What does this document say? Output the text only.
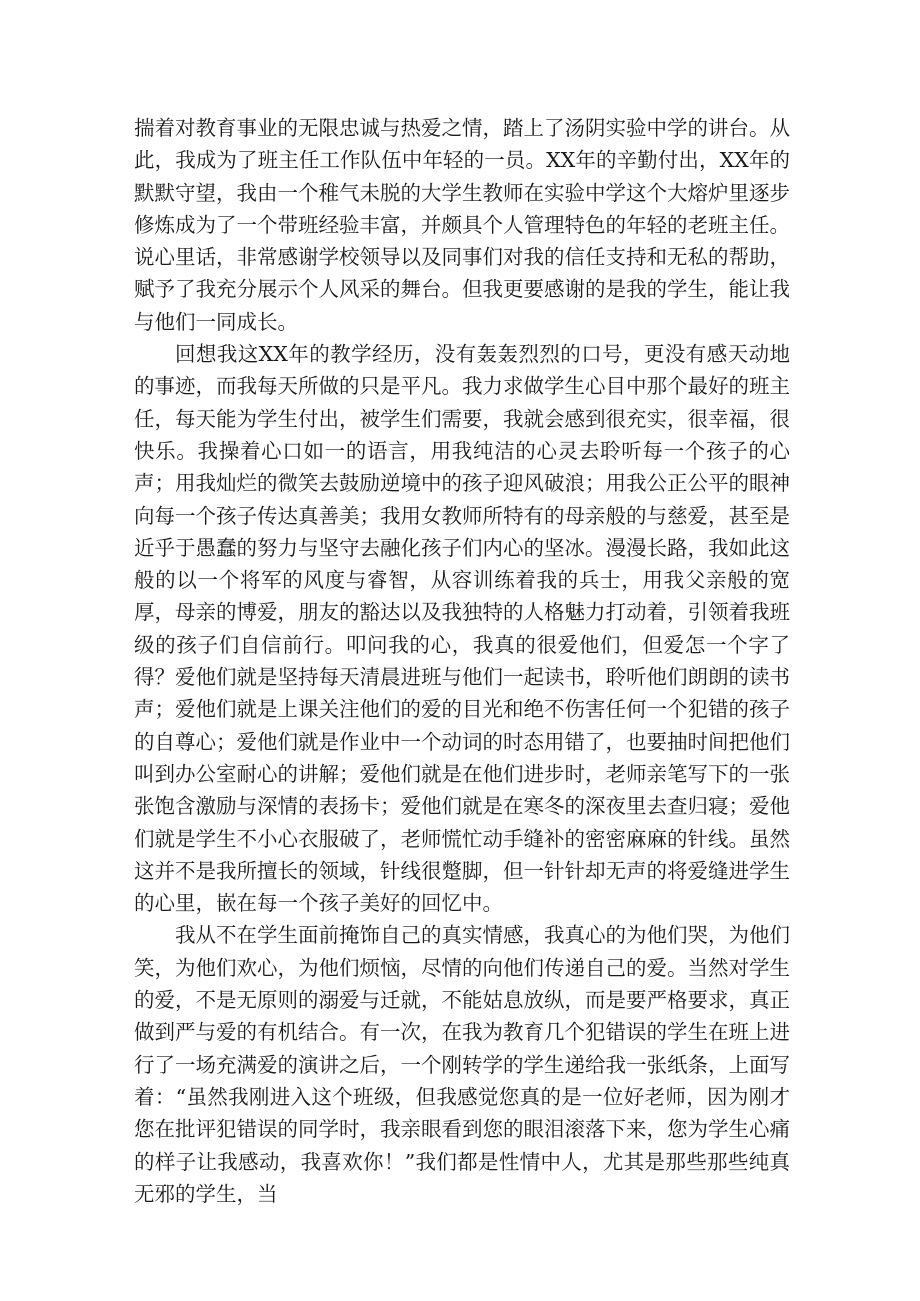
揣着对教育事业的无限忠诚与热爱之情，踏上了汤阴实验中学的讲台。从此，我成为了班主任工作队伍中年轻的一员。XX年的辛勤付出，XX年的默默守望，我由一个稚气未脱的大学生教师在实验中学这个大熔炉里逐步修炼成为了一个带班经验丰富，并颇具个人管理特色的年轻的老班主任。说心里话，非常感谢学校领导以及同事们对我的信任支持和无私的帮助，赋予了我充分展示个人风采的舞台。但我更要感谢的是我的学生，能让我与他们一同成长。

回想我这XX年的教学经历，没有轰轰烈烈的口号，更没有感天动地的事迹，而我每天所做的只是平凡。我力求做学生心目中那个最好的班主任，每天能为学生付出，被学生们需要，我就会感到很充实，很幸福，很快乐。我操着心口如一的语言，用我纯洁的心灵去聆听每一个孩子的心声；用我灿烂的微笑去鼓励逆境中的孩子迎风破浪；用我公正公平的眼神向每一个孩子传达真善美；我用女教师所特有的母亲般的与慈爱，甚至是近乎于愚蠢的努力与坚守去融化孩子们内心的坚冰。漫漫长路，我如此这般的以一个将军的风度与睿智，从容训练着我的兵士，用我父亲般的宽厚，母亲的博爱，朋友的豁达以及我独特的人格魅力打动着，引领着我班级的孩子们自信前行。叩问我的心，我真的很爱他们，但爱怎一个字了得？爱他们就是坚持每天清晨进班与他们一起读书，聆听他们朗朗的读书声；爱他们就是上课关注他们的爱的目光和绝不伤害任何一个犯错的孩子的自尊心；爱他们就是作业中一个动词的时态用错了，也要抽时间把他们叫到办公室耐心的讲解；爱他们就是在他们进步时，老师亲笔写下的一张张饱含激励与深情的表扬卡；爱他们就是在寒冬的深夜里去查归寝；爱他们就是学生不小心衣服破了，老师慌忙动手缝补的密密麻麻的针线。虽然这并不是我所擅长的领域，针线很蹩脚，但一针针却无声的将爱缝进学生的心里，嵌在每一个孩子美好的回忆中。

我从不在学生面前掩饰自己的真实情感，我真心的为他们哭，为他们笑，为他们欢心，为他们烦恼，尽情的向他们传递自己的爱。当然对学生的爱，不是无原则的溺爱与迁就，不能姑息放纵，而是要严格要求，真正做到严与爱的有机结合。有一次，在我为教育几个犯错误的学生在班上进行了一场充满爱的演讲之后，一个刚转学的学生递给我一张纸条，上面写着：“虽然我刚进入这个班级，但我感觉您真的是一位好老师，因为刚才您在批评犯错误的同学时，我亲眼看到您的眼泪滚落下来，您为学生心痛的样子让我感动，我喜欢你！”我们都是性情中人，尤其是那些那些纯真无邪的学生，当
